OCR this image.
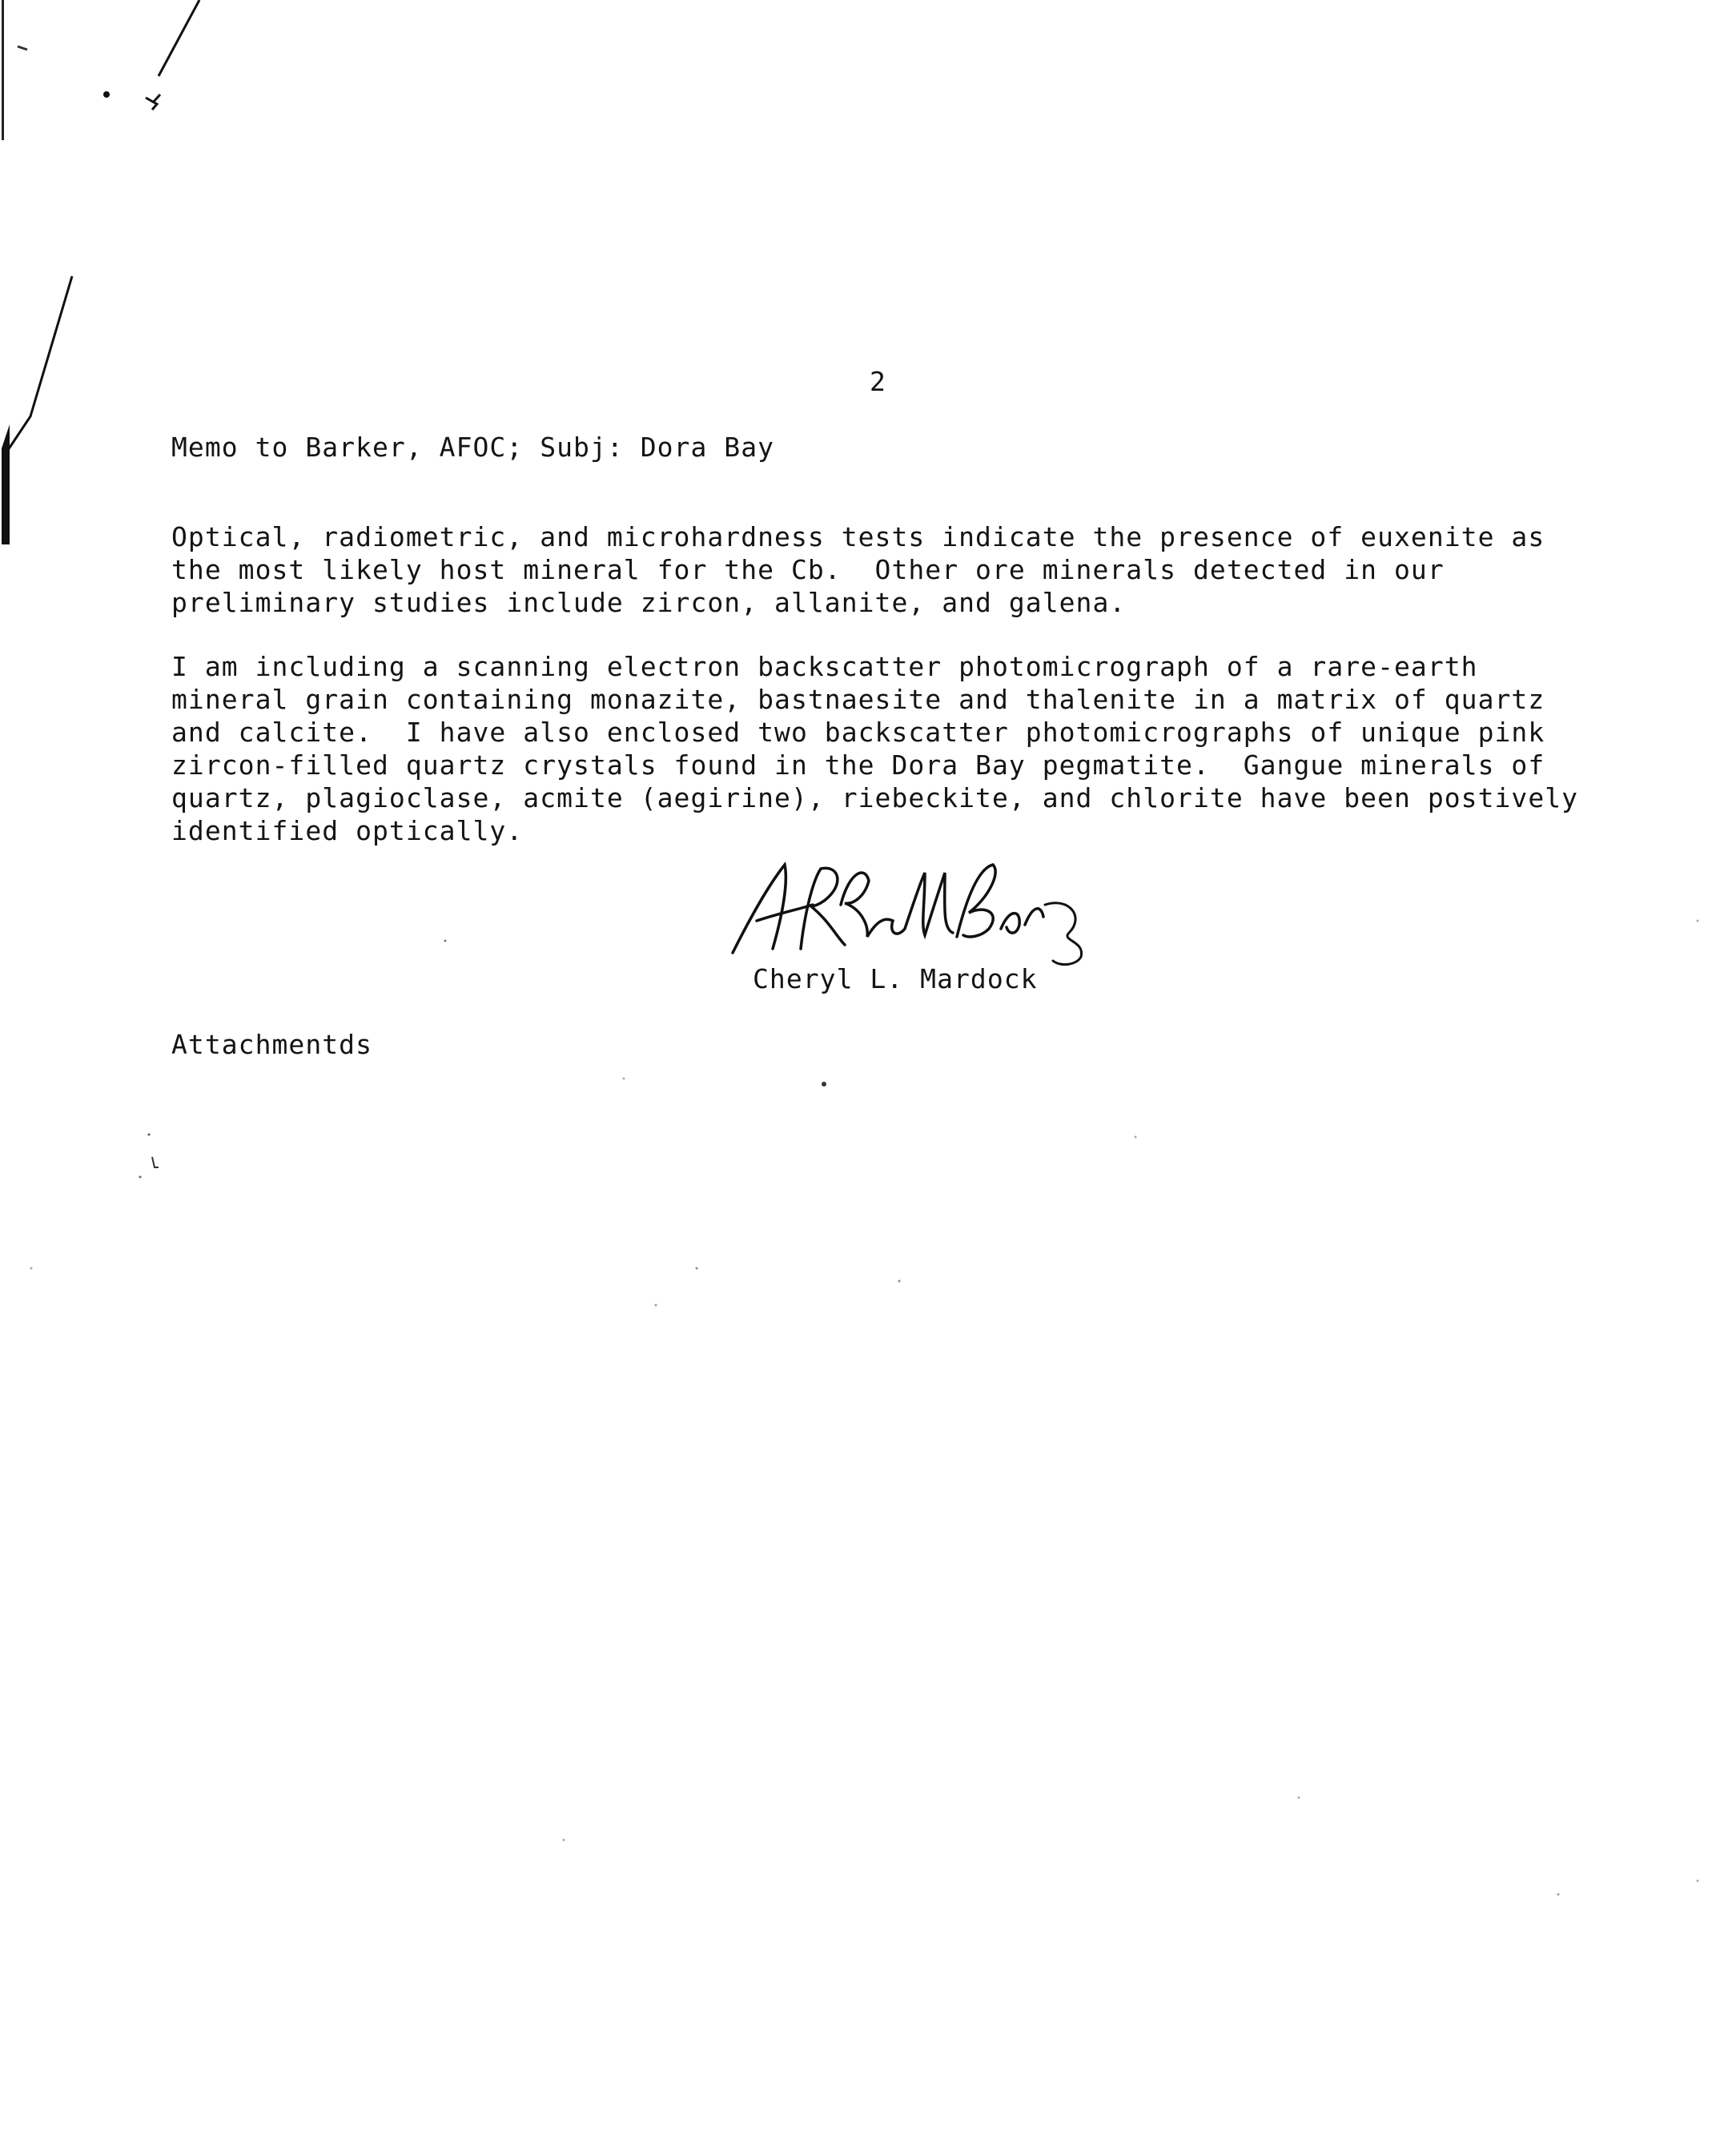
2

Memo to Barker, AFOC; Subj: Dora Bay

Optical, radiometric, and microhardness tests indicate the presence of euxenite as
the most likely host mineral for the Cb.  Other ore minerals detected in our
preliminary studies include zircon, allanite, and galena.

I am including a scanning electron backscatter photomicrograph of a rare-earth
mineral grain containing monazite, bastnaesite and thalenite in a matrix of quartz
and calcite.  I have also enclosed two backscatter photomicrographs of unique pink
zircon-filled quartz crystals found in the Dora Bay pegmatite.  Gangue minerals of
quartz, plagioclase, acmite (aegirine), riebeckite, and chlorite have been postively
identified optically.

Cheryl L. Mardock

Attachmentds
